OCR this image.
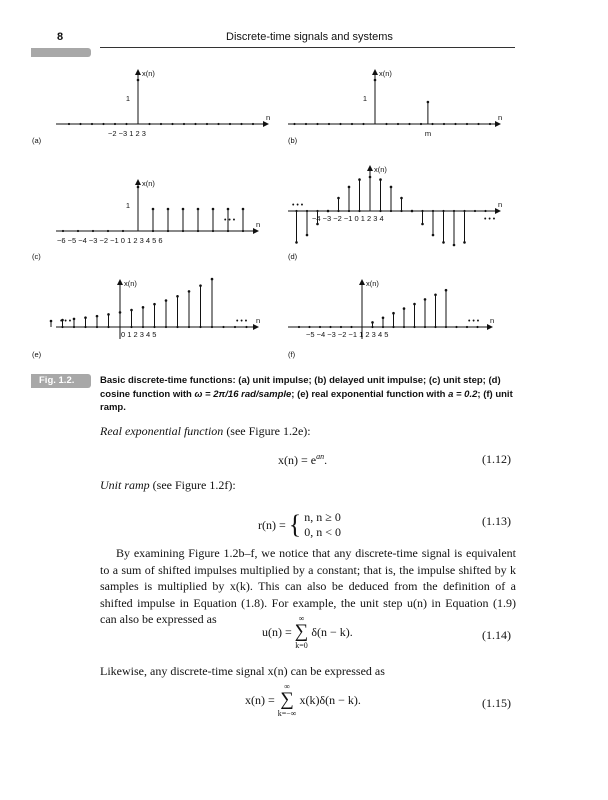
8	Discrete-time signals and systems
x(n)
n
(a)
1
−2 −3 1 2 3
x(n)
n
(b)
1
m
x(n)
n
(c)
1
−6 −5 −4 −3 −2 −1 0 1 2 3 4 5 6
• • •
x(n)
n
(d)
−4 −3 −2 −1 0 1 2 3 4
• • •
• • •
x(n)
n
(e)
0 1 2 3 4 5
• • •	• • •
x(n)
n
(f)
−5 −4 −3 −2 −1 1 2 3 4 5
• • •
Fig. 1.2.	Basic discrete-time functions: (a) unit impulse; (b) delayed unit impulse; (c) unit step; (d) cosine function with ω = 2π/16 rad/sample; (e) real exponential function with a = 0.2; (f) unit ramp.
Real exponential function (see Figure 1.2e):
$x(n) = e^{an}$.	(1.12)
Unit ramp (see Figure 1.2f):
r(n) = { n, n ≥ 0
0, n < 0
(1.13)

By examining Figure 1.2b–f, we notice that any discrete-time signal is equivalent to a sum of shifted impulses multiplied by a constant; that is, the impulse shifted by k samples is multiplied by x(k). This can also be deduced from the definition of a shifted impulse in Equation (1.8). For example, the unit step u(n) in Equation (1.9) can also be expressed as

u(n) = ∞
∑
k=0 δ(n − k).	(1.14)
Likewise, any discrete-time signal x(n) can be expressed as
x(n) = ∞
∑
k=−∞ x(k)δ(n − k).	(1.15)
